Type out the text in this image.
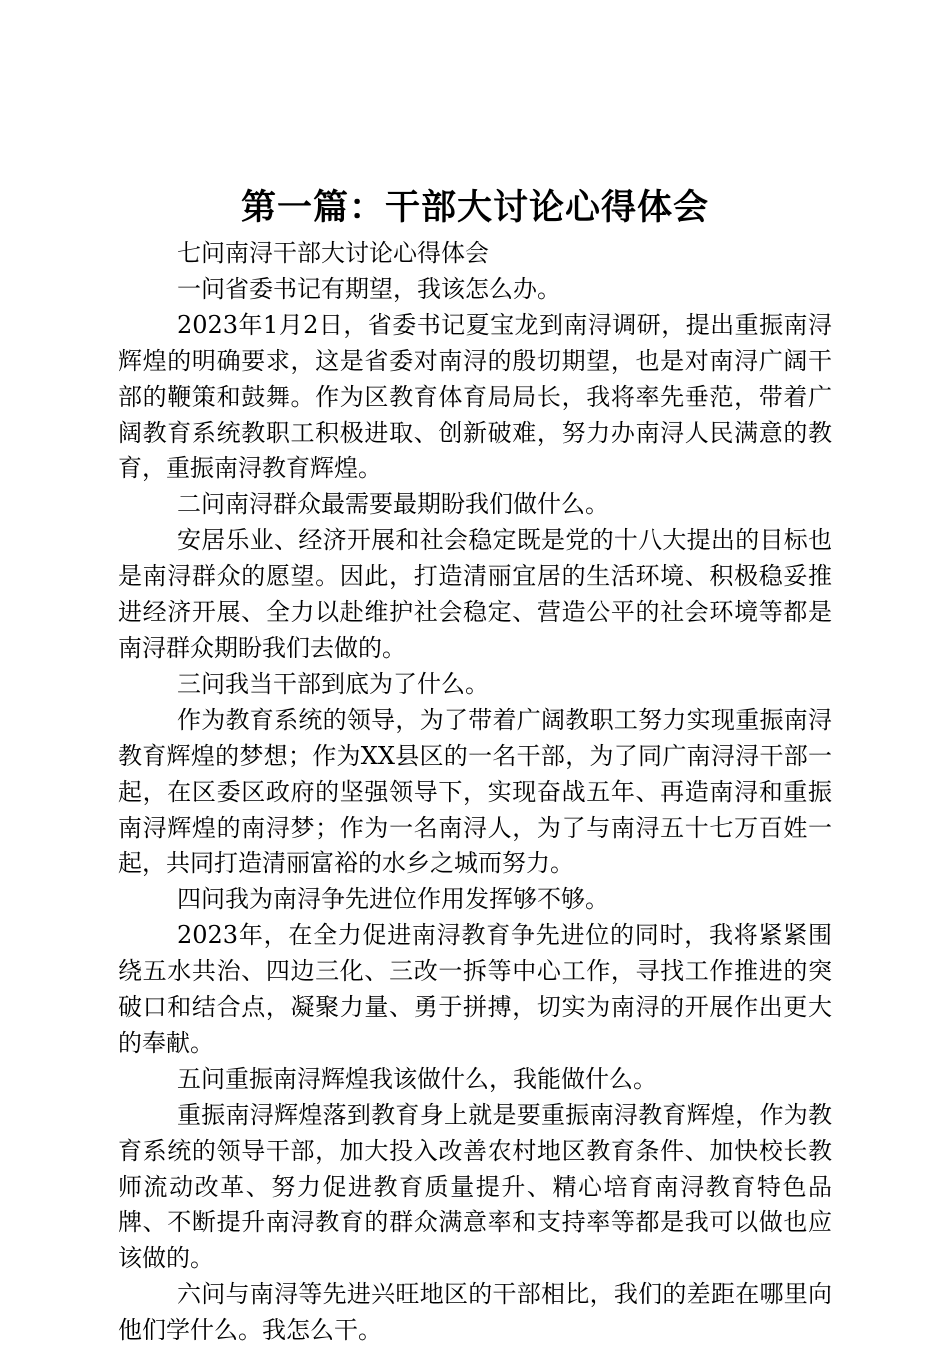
第一篇：干部大讨论心得体会

七问南浔干部大讨论心得体会

一问省委书记有期望，我该怎么办。

2023年1月2日，省委书记夏宝龙到南浔调研，提出重振南浔辉煌的明确要求，这是省委对南浔的殷切期望，也是对南浔广阔干部的鞭策和鼓舞。作为区教育体育局局长，我将率先垂范，带着广阔教育系统教职工积极进取、创新破难，努力办南浔人民满意的教育，重振南浔教育辉煌。

二问南浔群众最需要最期盼我们做什么。

安居乐业、经济开展和社会稳定既是党的十八大提出的目标也是南浔群众的愿望。因此，打造清丽宜居的生活环境、积极稳妥推进经济开展、全力以赴维护社会稳定、营造公平的社会环境等都是南浔群众期盼我们去做的。

三问我当干部到底为了什么。

作为教育系统的领导，为了带着广阔教职工努力实现重振南浔教育辉煌的梦想；作为XX县区的一名干部，为了同广南浔浔干部一起，在区委区政府的坚强领导下，实现奋战五年、再造南浔和重振南浔辉煌的南浔梦；作为一名南浔人，为了与南浔五十七万百姓一起，共同打造清丽富裕的水乡之城而努力。

四问我为南浔争先进位作用发挥够不够。

2023年，在全力促进南浔教育争先进位的同时，我将紧紧围绕五水共治、四边三化、三改一拆等中心工作，寻找工作推进的突破口和结合点，凝聚力量、勇于拼搏，切实为南浔的开展作出更大的奉献。

五问重振南浔辉煌我该做什么，我能做什么。

重振南浔辉煌落到教育身上就是要重振南浔教育辉煌，作为教育系统的领导干部，加大投入改善农村地区教育条件、加快校长教师流动改革、努力促进教育质量提升、精心培育南浔教育特色品牌、不断提升南浔教育的群众满意率和支持率等都是我可以做也应该做的。

六问与南浔等先进兴旺地区的干部相比，我们的差距在哪里向他们学什么。我怎么干。
